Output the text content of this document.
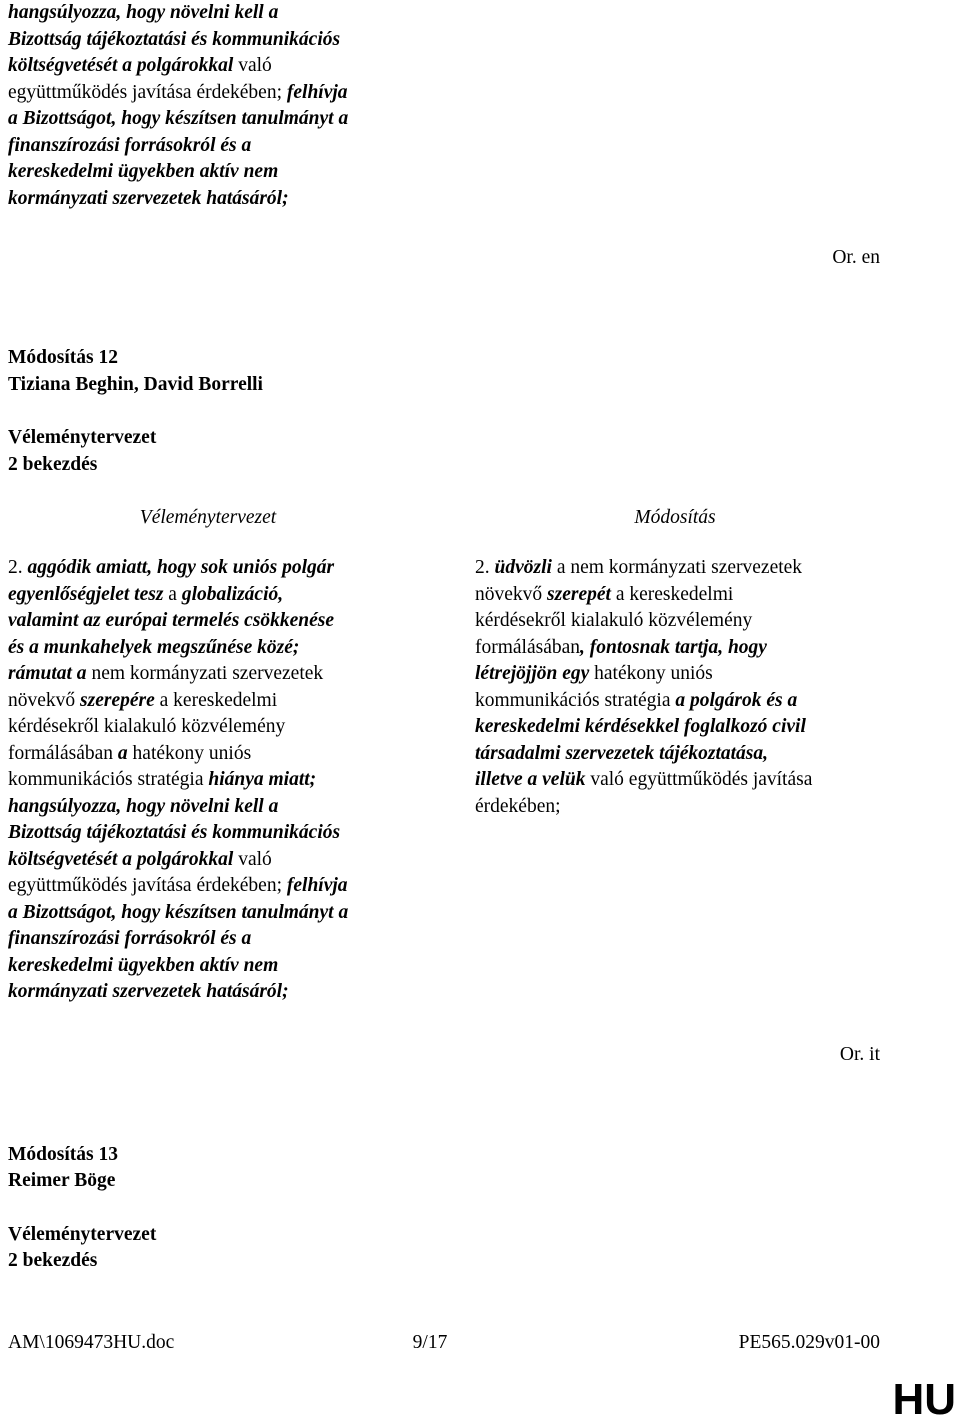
hangsúlyozza, hogy növelni kell a
Bizottság tájékoztatási és kommunikációs
költségvetését a polgárokkal való
együttműködés javítása érdekében; felhívja
a Bizottságot, hogy készítsen tanulmányt a
finanszírozási forrásokról és a
kereskedelmi ügyekben aktív nem
kormányzati szervezetek hatásáról;
Or. en
Módosítás 12
Tiziana Beghin, David Borrelli
Véleménytervezet
2 bekezdés
Véleménytervezet	Módosítás
2. aggódik amiatt, hogy sok uniós polgár
egyenlőségjelet tesz a globalizáció,
valamint az európai termelés csökkenése
és a munkahelyek megszűnése közé;
rámutat a nem kormányzati szervezetek
növekvő szerepére a kereskedelmi
kérdésekről kialakuló közvélemény
formálásában a hatékony uniós
kommunikációs stratégia hiánya miatt;
hangsúlyozza, hogy növelni kell a
Bizottság tájékoztatási és kommunikációs
költségvetését a polgárokkal való
együttműködés javítása érdekében; felhívja
a Bizottságot, hogy készítsen tanulmányt a
finanszírozási forrásokról és a
kereskedelmi ügyekben aktív nem
kormányzati szervezetek hatásáról;
2. üdvözli a nem kormányzati szervezetek
növekvő szerepét a kereskedelmi
kérdésekről kialakuló közvélemény
formálásában, fontosnak tartja, hogy
létrejöjjön egy hatékony uniós
kommunikációs stratégia a polgárok és a
kereskedelmi kérdésekkel foglalkozó civil
társadalmi szervezetek tájékoztatása,
illetve a velük való együttműködés javítása
érdekében;
Or. it
Módosítás 13
Reimer Böge
Véleménytervezet
2 bekezdés
AM\1069473HU.doc	9/17	PE565.029v01-00
HU
